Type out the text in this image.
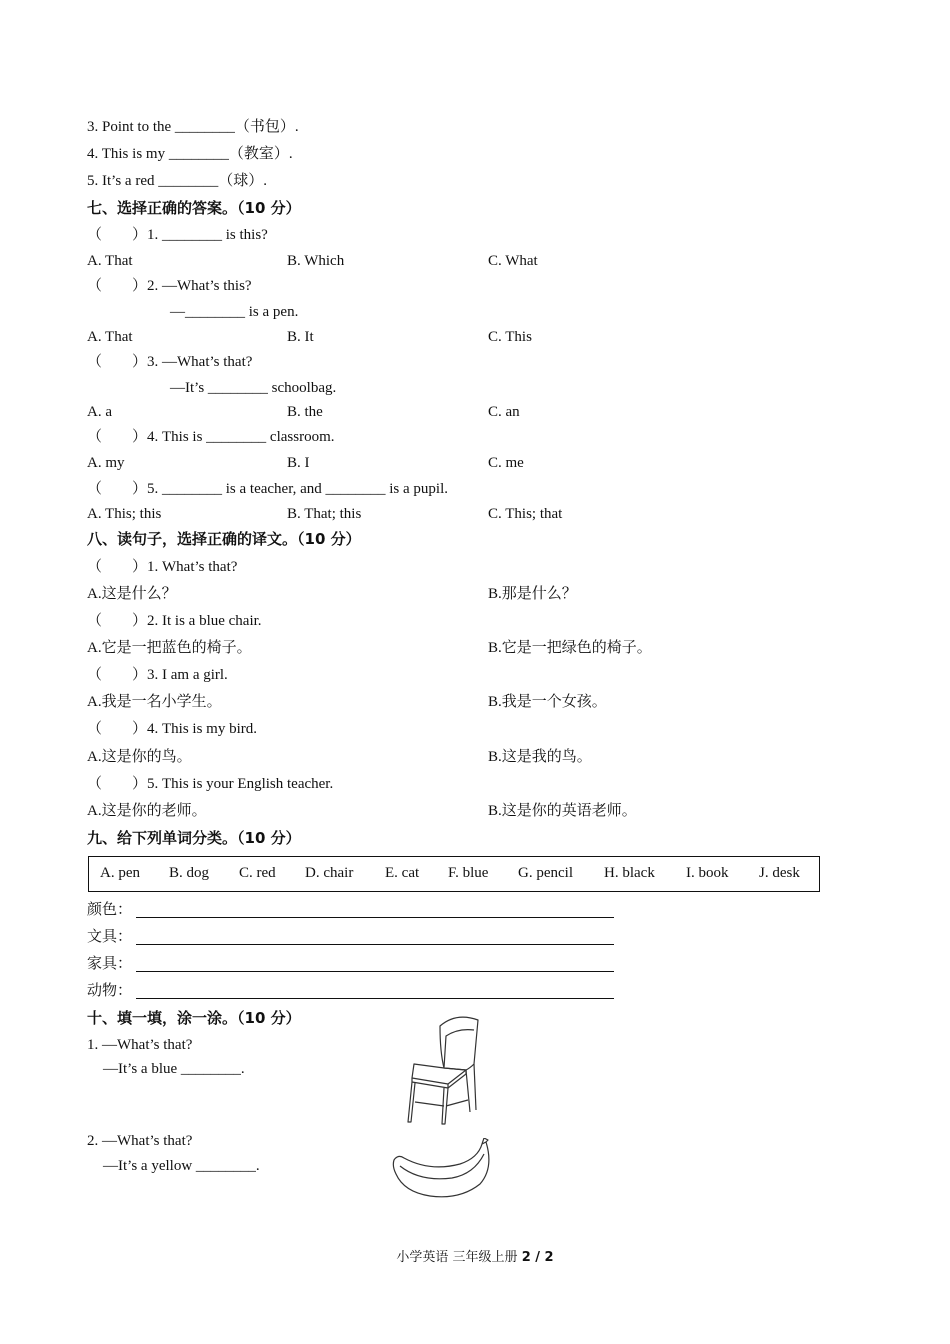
3. Point to the ________（书包）.
4. This is my ________（教室）.
5. It’s a red ________（球）.
七、选择正确的答案。（10 分）
（　　）1. ________ is this?
A. That	B. Which	C. What
（　　）2. —What’s this?
—________ is a pen.
A. That	B. It	C. This
（　　）3. —What’s that?
—It’s ________ schoolbag.
A. a	B. the	C. an
（　　）4. This is ________ classroom.
A. my	B. I	C. me
（　　）5. ________ is a teacher, and ________ is a pupil.
A. This; this	B. That; this	C. This; that
八、读句子，选择正确的译文。（10 分）
（　　）1. What’s that?
A.这是什么？	B.那是什么？
（　　）2. It is a blue chair.
A.它是一把蓝色的椅子。	B.它是一把绿色的椅子。
（　　）3. I am a girl.
A.我是一名小学生。	B.我是一个女孩。
（　　）4. This is my bird.
A.这是你的鸟。	B.这是我的鸟。
（　　）5. This is your English teacher.
A.这是你的老师。	B.这是你的英语老师。
九、给下列单词分类。（10 分）
A. pen B. dog C. red D. chair E. cat F. blue G. pencil H. black I. book J. desk
颜色：
文具：
家具：
动物：
十、填一填，涂一涂。（10 分）
1. —What’s that?
—It’s a blue ________.
2. —What’s that?
—It’s a yellow ________.
小学英语 三年级上册 2 / 2
